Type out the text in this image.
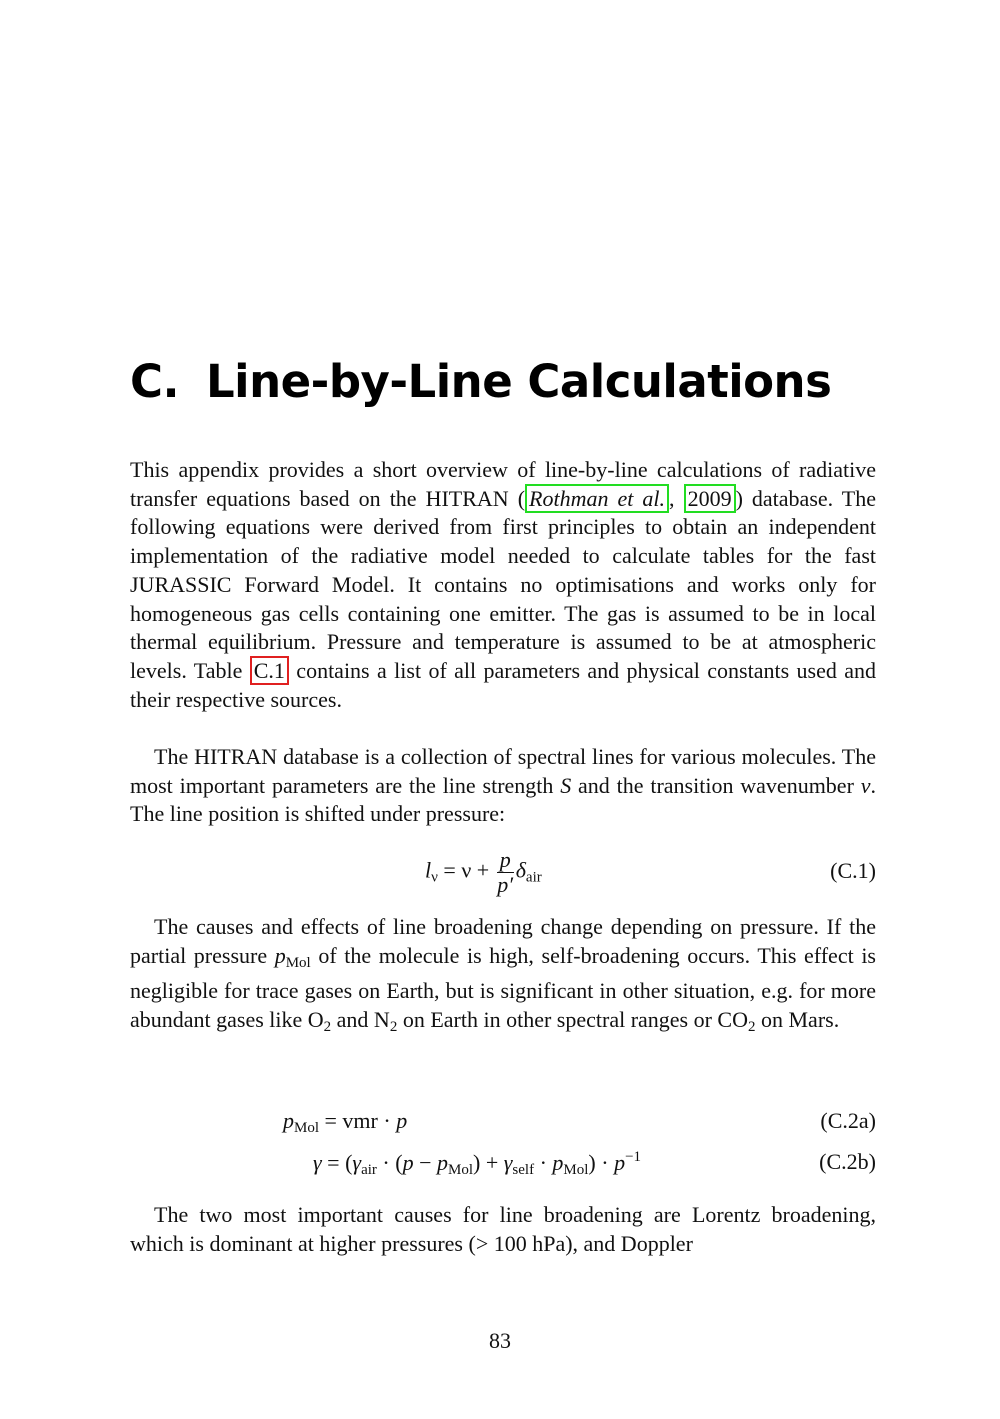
C. Line-by-Line Calculations

This appendix provides a short overview of line-by-line calculations of radiative transfer equations based on the HITRAN ( Rothman et al. , 2009 ) database. The following equations were derived from first principles to obtain an independent implementation of the radiative model needed to calculate tables for the fast JURASSIC Forward Model. It contains no optimisations and works only for homogeneous gas cells containing one emitter. The gas is assumed to be in local thermal equilibrium. Pressure and temperature is assumed to be at atmospheric levels. Table C.1 contains a list of all parameters and physical constants used and their respective sources.

The HITRAN database is a collection of spectral lines for various molecules. The most important parameters are the line strength S and the transition wavenumber ν. The line position is shifted under pressure:

$l_\nu = \nu + \frac{p}{p'} \delta_{air}$	(C.1)

The causes and effects of line broadening change depending on pressure. If the partial pressure $p_{Mol}$ of the molecule is high, self-broadening occurs. This effect is negligible for trace gases on Earth, but is significant in other situation, e.g. for more abundant gases like $O_2$ and $N_2$ on Earth in other spectral ranges or $CO_2$ on Mars.

$p_{Mol}$ = vmr · p	(C.2a)
$\gamma = (\gamma_{air} \cdot (p - p_{Mol}) + \gamma_{self} \cdot p_{Mol}) \cdot p^{-1}$	(C.2b)

The two most important causes for line broadening are Lorentz broadening, which is dominant at higher pressures (> 100 hPa), and Doppler

83
